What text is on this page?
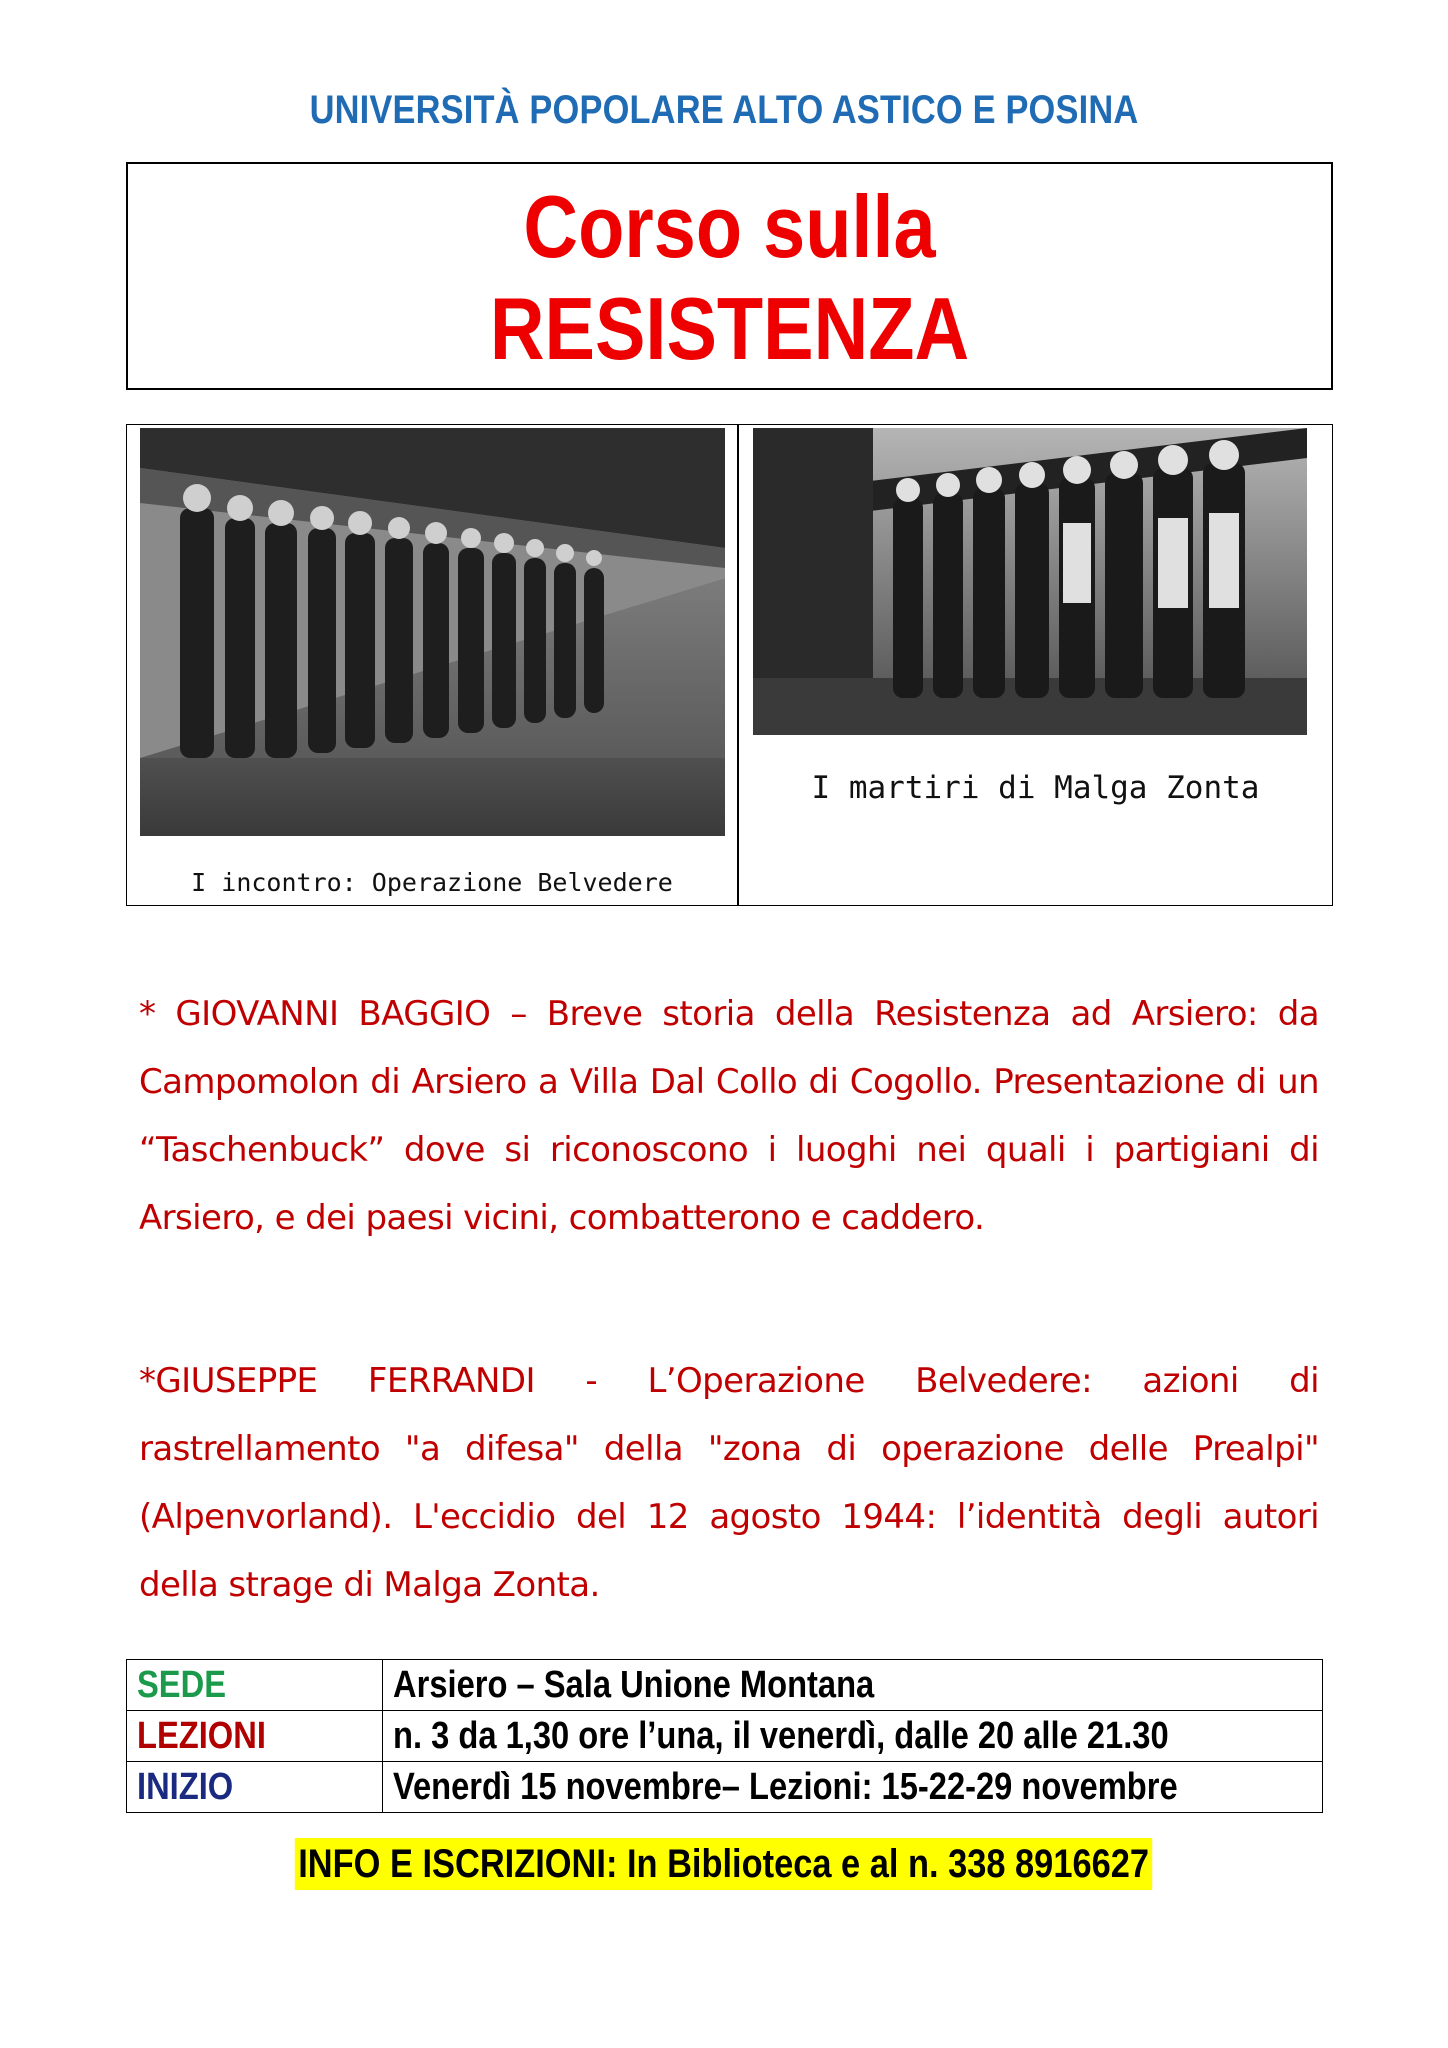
UNIVERSITÀ POPOLARE ALTO ASTICO E POSINA
Corso sulla
RESISTENZA
I incontro: Operazione Belvedere
I martiri di Malga Zonta
* GIOVANNI BAGGIO – Breve storia della Resistenza ad Arsiero: da Campomolon di Arsiero a Villa Dal Collo di Cogollo. Presentazione di un “Taschenbuck” dove si riconoscono i luoghi nei quali i partigiani di Arsiero, e dei paesi vicini, combatterono e caddero.
*GIUSEPPE FERRANDI - L’Operazione Belvedere: azioni di rastrellamento "a difesa" della "zona di operazione delle Prealpi" (Alpenvorland). L'eccidio del 12 agosto 1944: l’identità degli autori della strage di Malga Zonta.
SEDE	Arsiero – Sala Unione Montana
LEZIONI	n. 3 da 1,30 ore l’una, il venerdì, dalle 20 alle 21.30
INIZIO	Venerdì 15 novembre– Lezioni: 15-22-29 novembre
INFO E ISCRIZIONI: In Biblioteca e al n. 338 8916627
